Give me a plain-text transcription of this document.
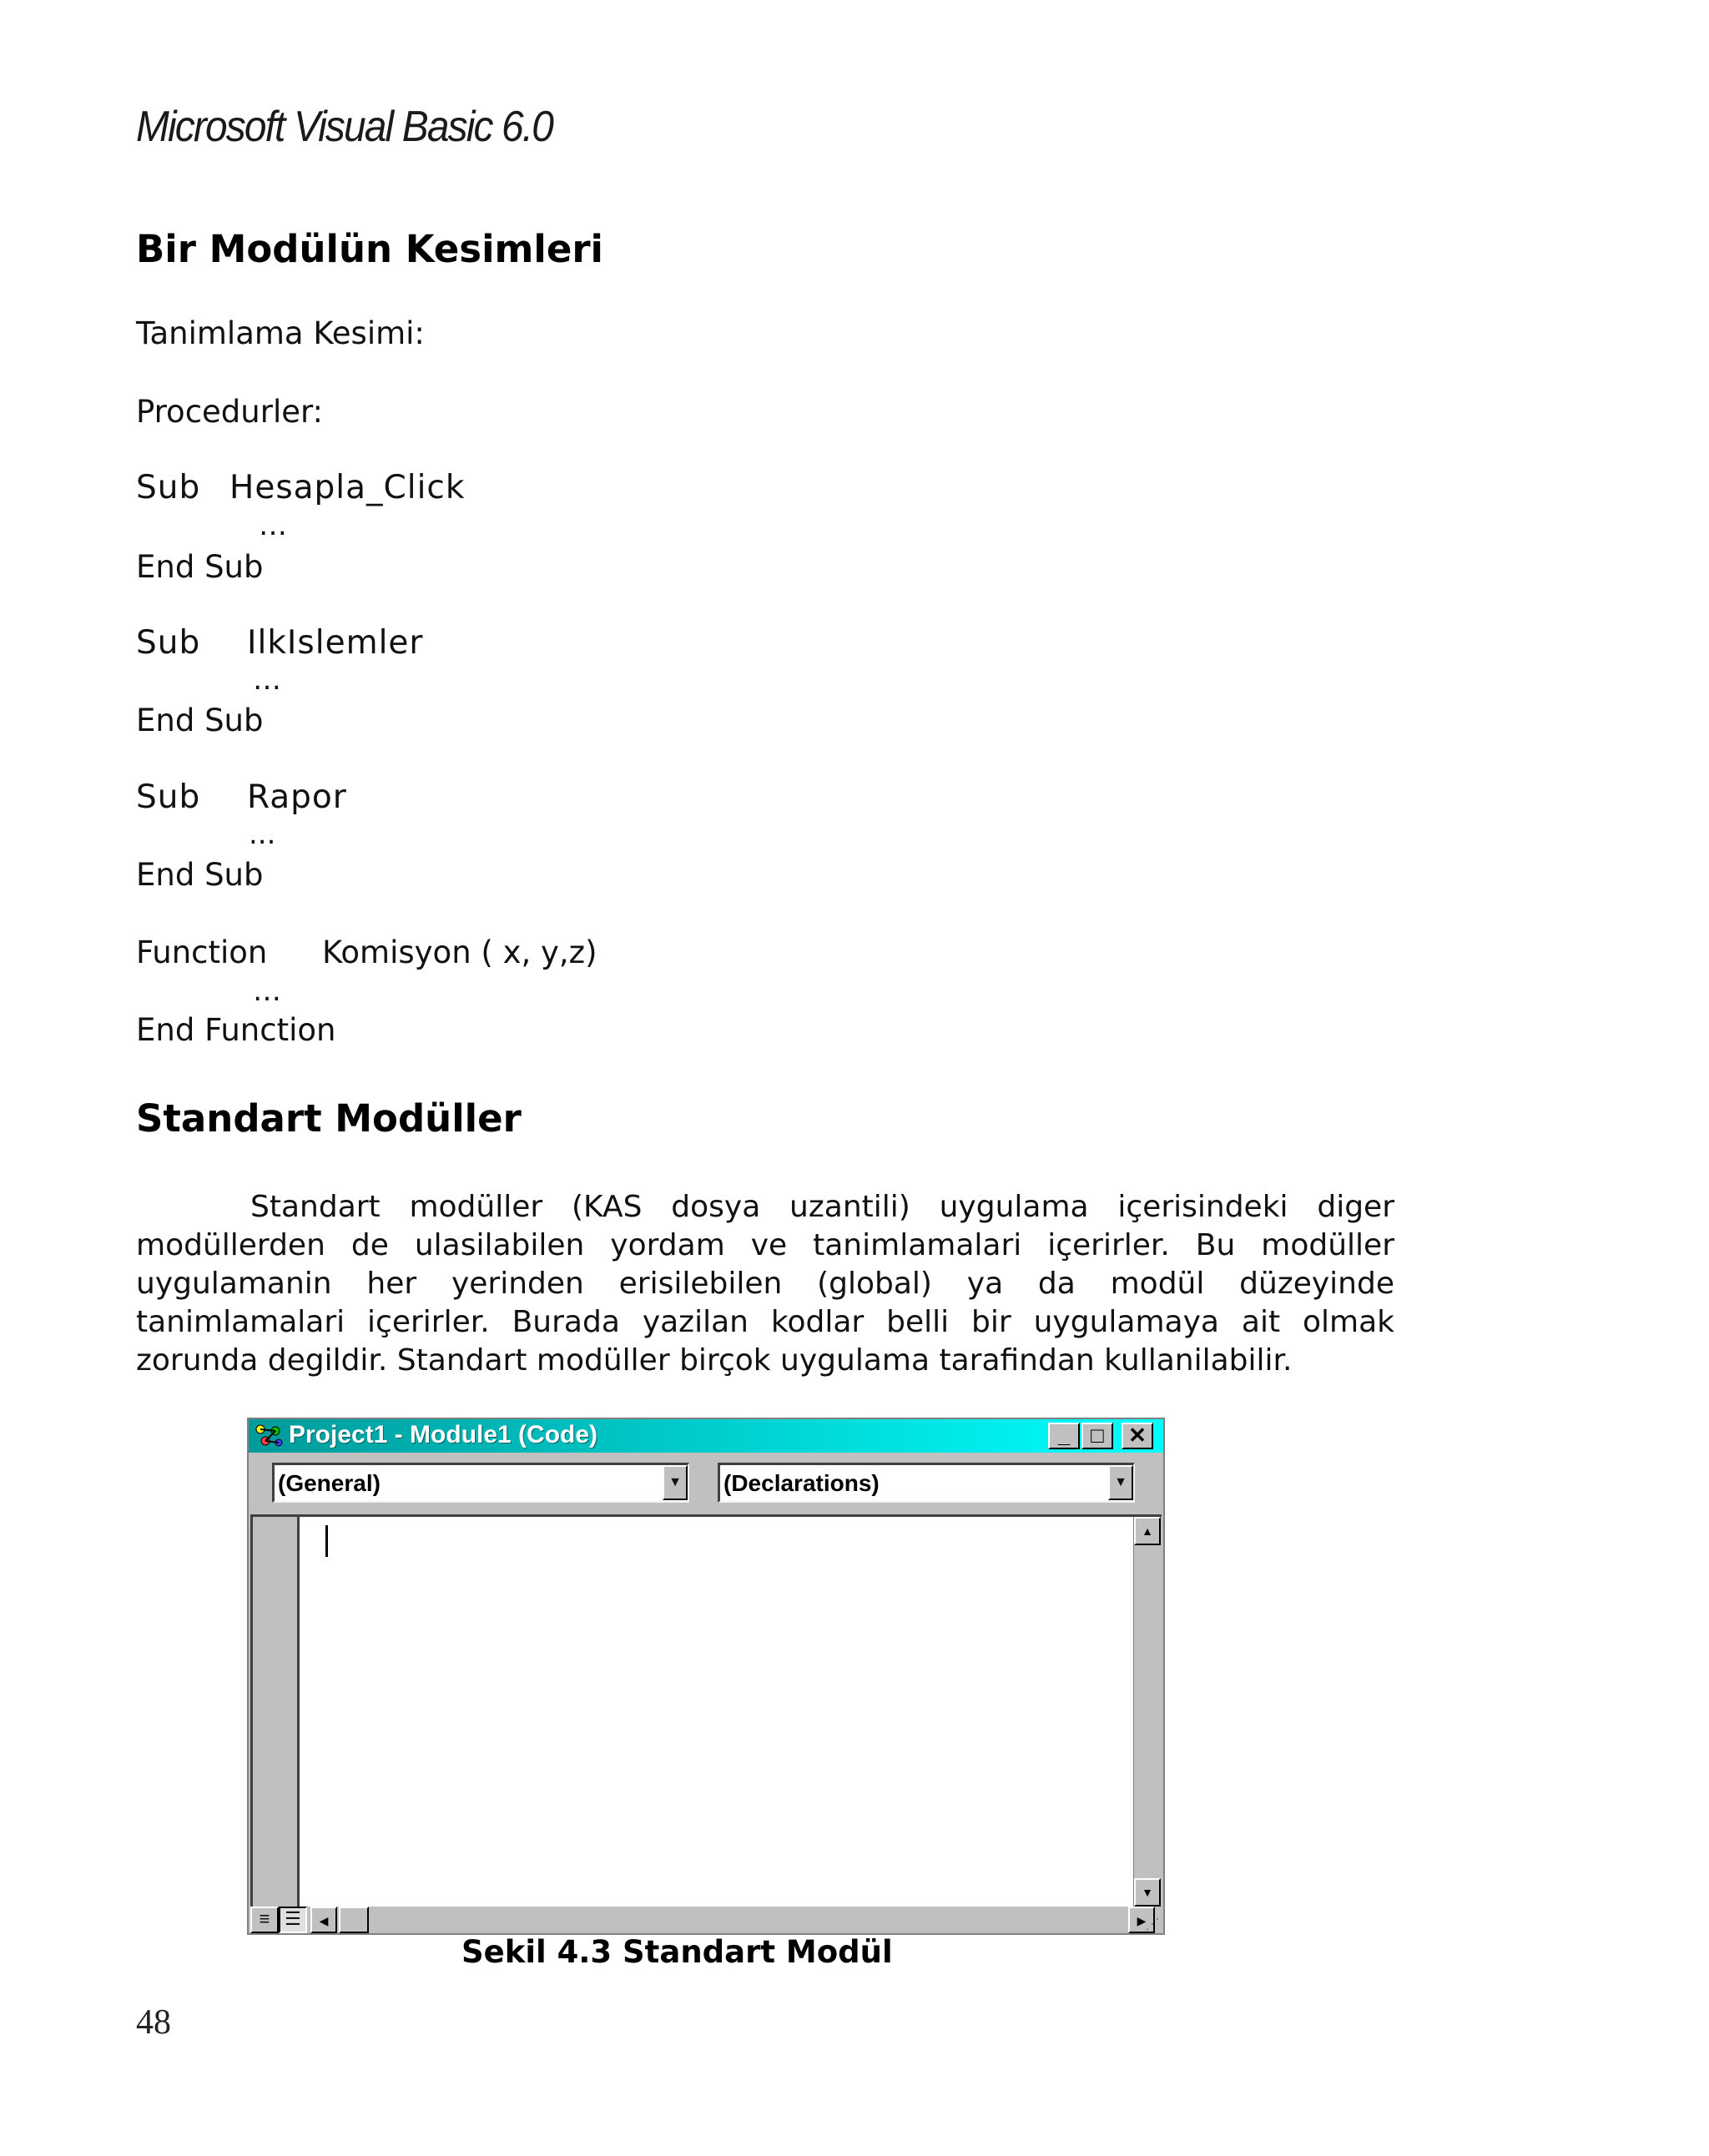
Microsoft Visual Basic 6.0
Bir Modülün Kesimleri
Tanimlama Kesimi:
Procedurler:
Sub Hesapla_Click
…
End Sub
Sub IlkIslemler
…
End Sub
Sub Rapor
...
End Sub
Function Komisyon ( x, y,z)
…
End Function
Standart Modüller

Standart modüller (KAS dosya uzantili) uygulama içerisindeki diger modüllerden de ulasilabilen yordam ve tanimlamalari içerirler. Bu modüller uygulamanin her yerinden erisilebilen (global) ya da modül düzeyinde tanimlamalari içerirler. Burada yazilan kodlar belli bir uygulamaya ait olmak zorunda degildir. Standart modüller birçok uygulama tarafindan kullanilabilir.

Project1 - Module1 (Code)	_ □	✕
(General)	▼ (Declarations)	▼
▲
▼
≡ ☰	◀	▶
⋰
Sekil 4.3 Standart Modül
48
